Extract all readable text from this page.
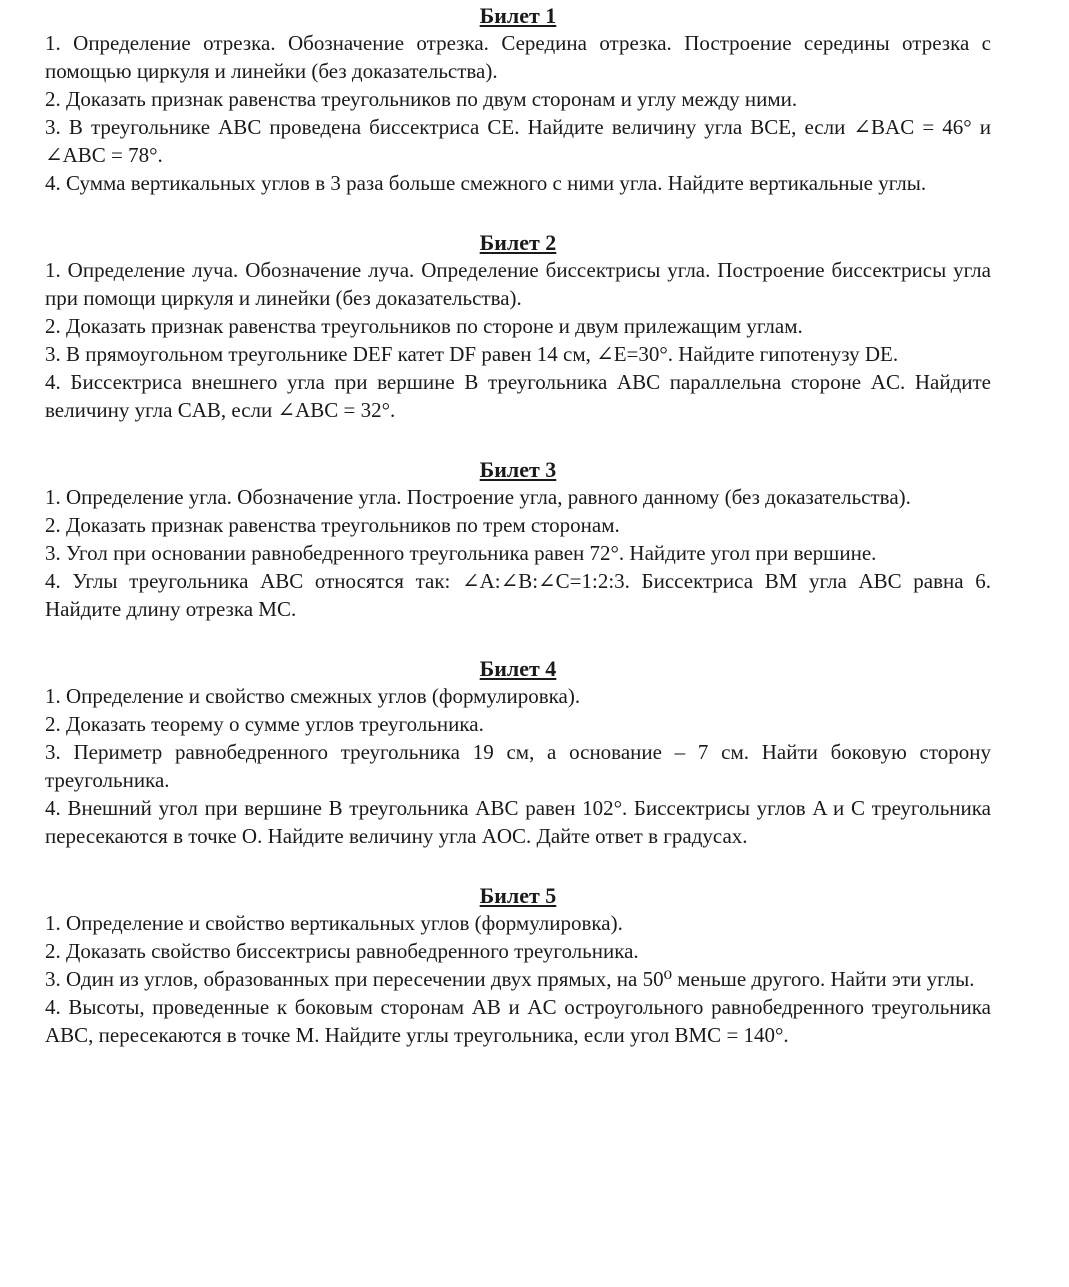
Билет 1

1. Определение отрезка. Обозначение отрезка. Середина отрезка. Построение середины отрезка с помощью циркуля и линейки (без доказательства).

2. Доказать признак равенства треугольников по двум сторонам и углу между ними.

3. В треугольнике ABC проведена биссектриса CE. Найдите величину угла BCE, если ∠BAC = 46° и ∠ABC = 78°.

4. Сумма вертикальных углов в 3 раза больше смежного с ними угла. Найдите вертикальные углы.

Билет 2

1. Определение луча. Обозначение луча. Определение биссектрисы угла. Построение биссектрисы угла при помощи циркуля и линейки (без доказательства).

2. Доказать признак равенства треугольников по стороне и двум прилежащим углам.

3. В прямоугольном треугольнике DEF катет DF равен 14 см, ∠E=30°. Найдите гипотенузу DE.

4. Биссектриса внешнего угла при вершине B треугольника ABC параллельна стороне AC. Найдите величину угла CAB, если ∠ABC = 32°.

Билет 3

1. Определение угла. Обозначение угла. Построение угла, равного данному (без доказательства).

2. Доказать признак равенства треугольников по трем сторонам.

3. Угол при основании равнобедренного треугольника равен 72°. Найдите угол при вершине.

4. Углы треугольника ABC относятся так: ∠A:∠B:∠C=1:2:3. Биссектриса BM угла ABC равна 6. Найдите длину отрезка MC.

Билет 4

1. Определение и свойство смежных углов (формулировка).

2. Доказать теорему о сумме углов треугольника.

3. Периметр равнобедренного треугольника 19 см, а основание – 7 см. Найти боковую сторону треугольника.

4. Внешний угол при вершине B треугольника ABC равен 102°. Биссектрисы углов A и C треугольника пересекаются в точке O. Найдите величину угла AOC. Дайте ответ в градусах.

Билет 5

1. Определение и свойство вертикальных углов (формулировка).

2. Доказать свойство биссектрисы равнобедренного треугольника.

3. Один из углов, образованных при пересечении двух прямых, на 50⁰ меньше другого. Найти эти углы.

4. Высоты, проведенные к боковым сторонам AB и AC остроугольного равнобедренного треугольника ABC, пересекаются в точке M. Найдите углы треугольника, если угол BMC = 140°.
